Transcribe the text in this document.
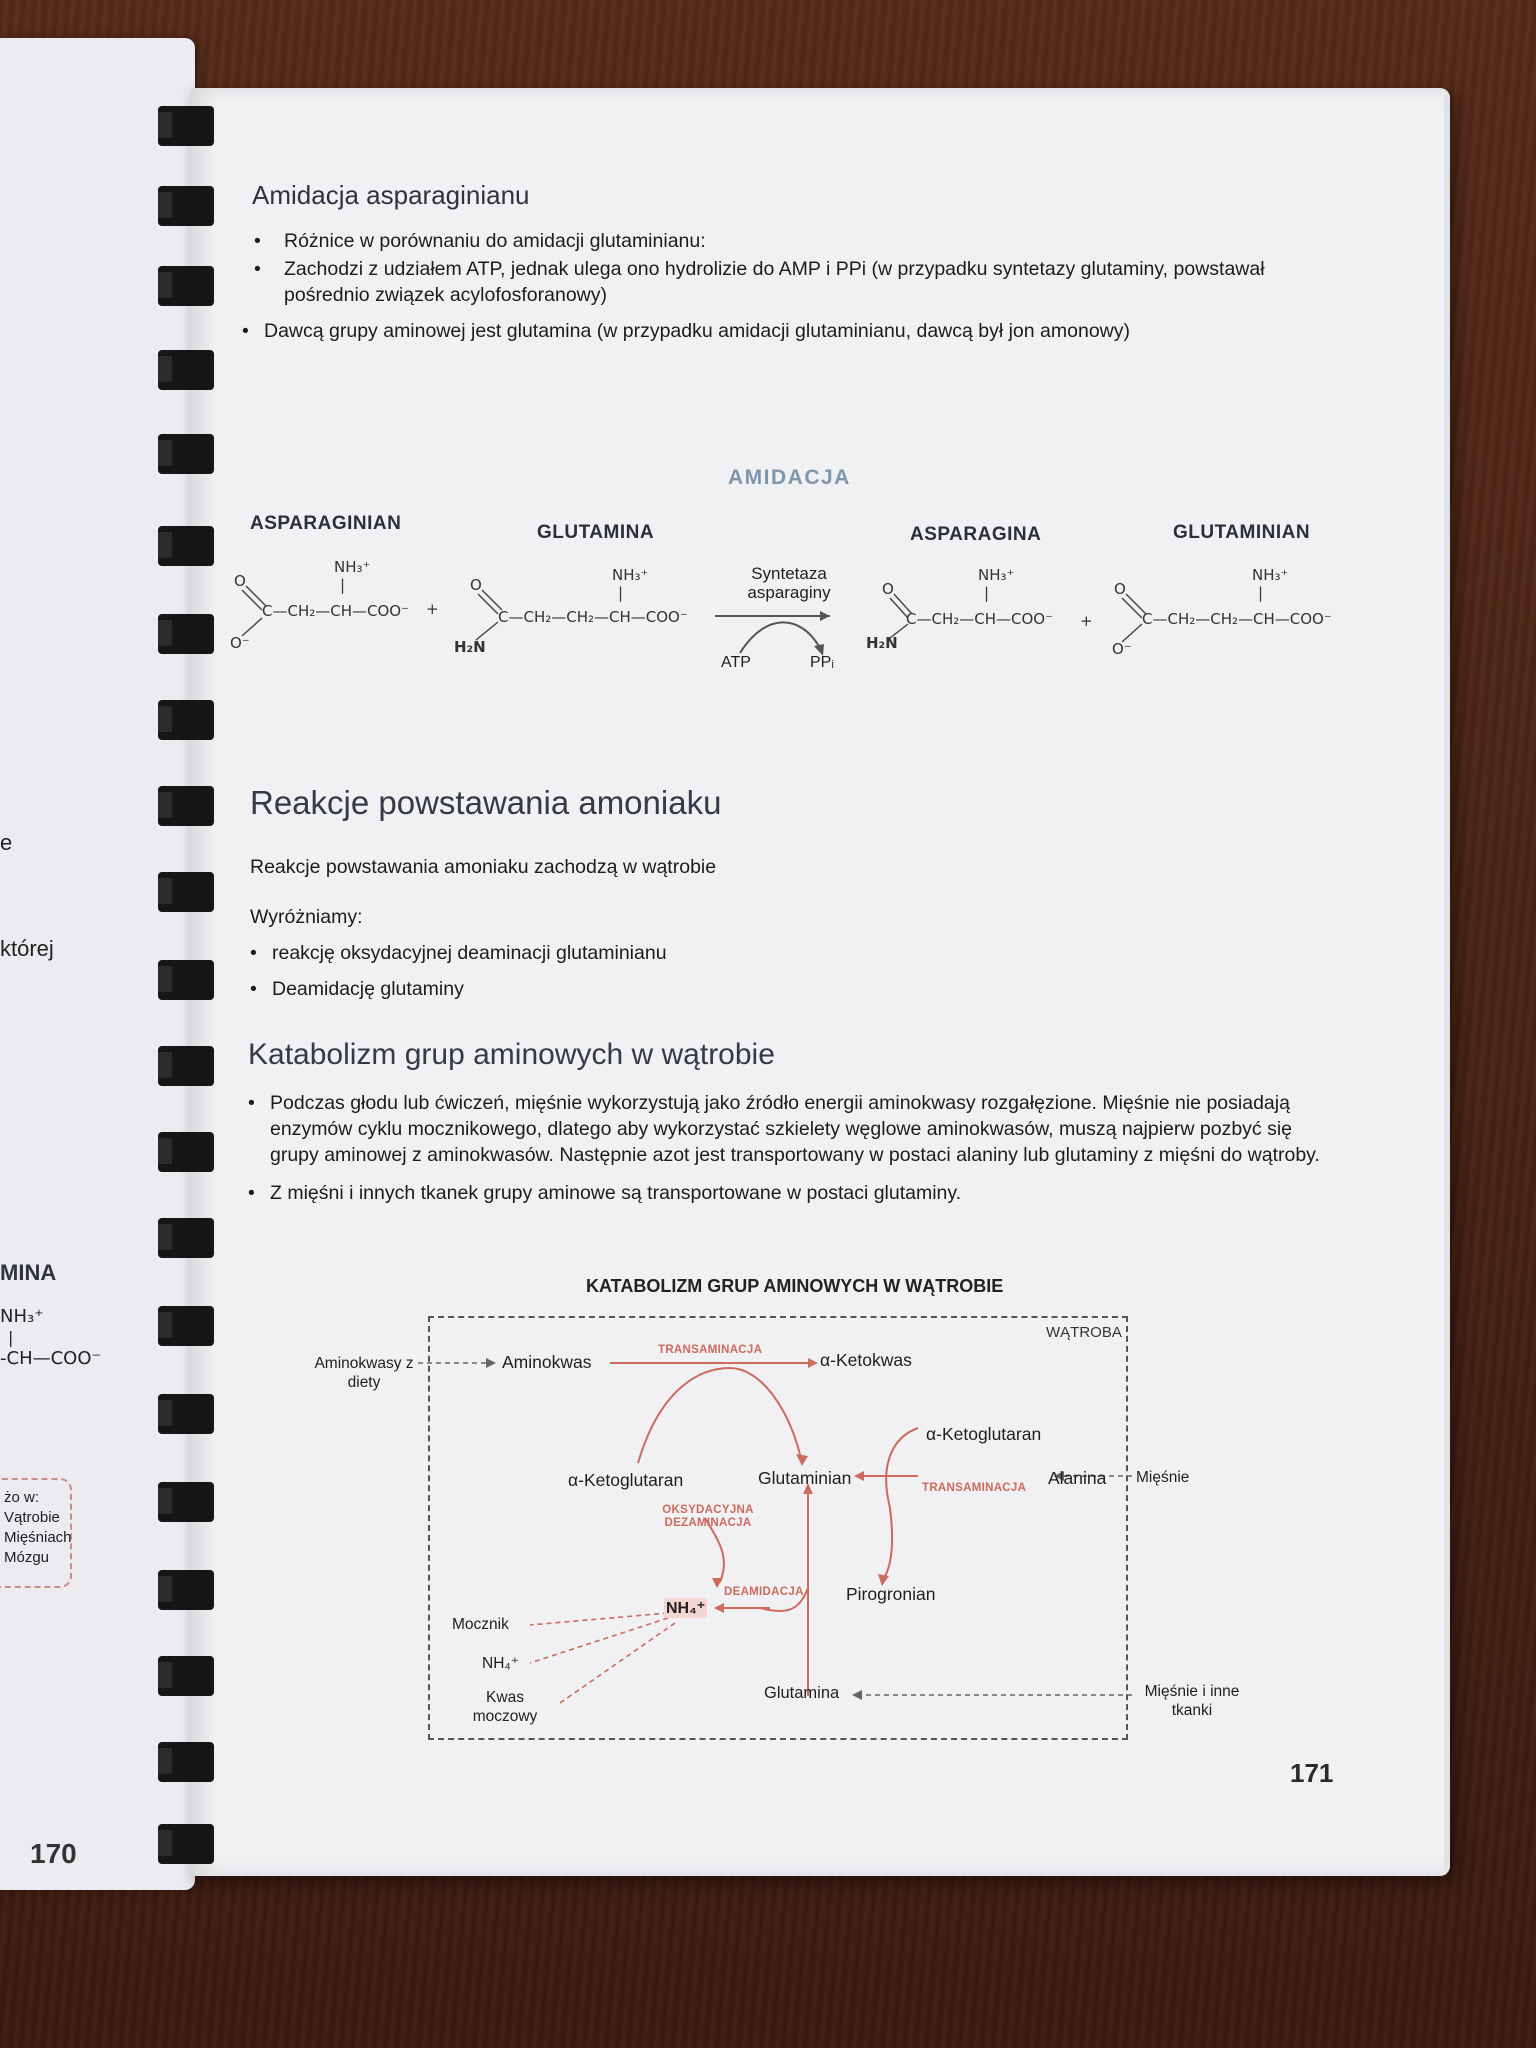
e
której
MINA
NH₃⁺
|
-CH—COO⁻
żo w:
Vątrobie
Mięśniach
Mózgu
170
Amidacja asparaginianu
• Różnice w porównaniu do amidacji glutaminianu:
• Zachodzi z udziałem ATP, jednak ulega ono hydrolizie do AMP i PPi (w przypadku syntetazy glutaminy, powstawał pośrednio związek acylofosforanowy)
• Dawcą grupy aminowej jest glutamina (w przypadku amidacji glutaminianu, dawcą był jon amonowy)
AMIDACJA
ASPARAGINIAN	GLUTAMINA	ASPARAGINA	GLUTAMINIAN
NH₃⁺
|
O
C—CH₂—CH—COO⁻
O⁻
+
NH₃⁺
|
O
C—CH₂—CH₂—CH—COO⁻
H₂N
Syntetaza asparaginy
ATP	PPᵢ
NH₃⁺
|
O
C—CH₂—CH—COO⁻
H₂N
+
NH₃⁺
|
O
C—CH₂—CH₂—CH—COO⁻
O⁻
Reakcje powstawania amoniaku
Reakcje powstawania amoniaku zachodzą w wątrobie
Wyróżniamy:
• reakcję oksydacyjnej deaminacji glutaminianu
• Deamidację glutaminy
Katabolizm grup aminowych w wątrobie
• Podczas głodu lub ćwiczeń, mięśnie wykorzystują jako źródło energii aminokwasy rozgałęzione. Mięśnie nie posiadają enzymów cyklu mocznikowego, dlatego aby wykorzystać szkielety węglowe aminokwasów, muszą najpierw pozbyć się grupy aminowej z aminokwasów. Następnie azot jest transportowany w postaci alaniny lub glutaminy z mięśni do wątroby.
• Z mięśni i innych tkanek grupy aminowe są transportowane w postaci glutaminy.
KATABOLIZM GRUP AMINOWYCH W WĄTROBIE
WĄTROBA
Aminokwasy z diety
Aminokwas	α-Ketokwas
TRANSAMINACJA
α-Ketoglutaran
α-Ketoglutaran	Glutaminian	Alanina
TRANSAMINACJA
Mięśnie
OKSYDACYJNA DEZAMINACJA
DEAMIDACJA
NH₄⁺
Pirogronian
Mocznik
NH₄⁺
Kwas moczowy
Glutamina	Mięśnie i inne tkanki
171
